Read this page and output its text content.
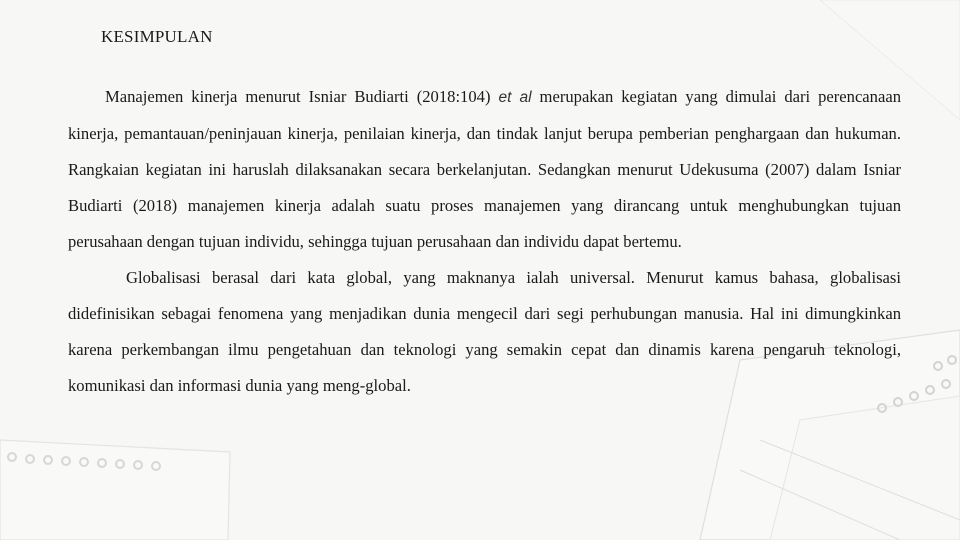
KESIMPULAN

Manajemen kinerja menurut Isniar Budiarti (2018:104) et al merupakan kegiatan yang dimulai dari perencanaan kinerja, pemantauan/peninjauan kinerja, penilaian kinerja, dan tindak lanjut berupa pemberian penghargaan dan hukuman. Rangkaian kegiatan ini haruslah dilaksanakan secara berkelanjutan. Sedangkan menurut Udekusuma (2007) dalam Isniar Budiarti (2018) manajemen kinerja adalah suatu proses manajemen yang dirancang untuk menghubungkan tujuan perusahaan dengan tujuan individu, sehingga tujuan perusahaan dan individu dapat bertemu.

Globalisasi berasal dari kata global, yang maknanya ialah universal. Menurut kamus bahasa, globalisasi didefinisikan sebagai fenomena yang menjadikan dunia mengecil dari segi perhubungan manusia. Hal ini dimungkinkan karena perkembangan ilmu pengetahuan dan teknologi yang semakin cepat dan dinamis karena pengaruh teknologi, komunikasi dan informasi dunia yang meng-global.
